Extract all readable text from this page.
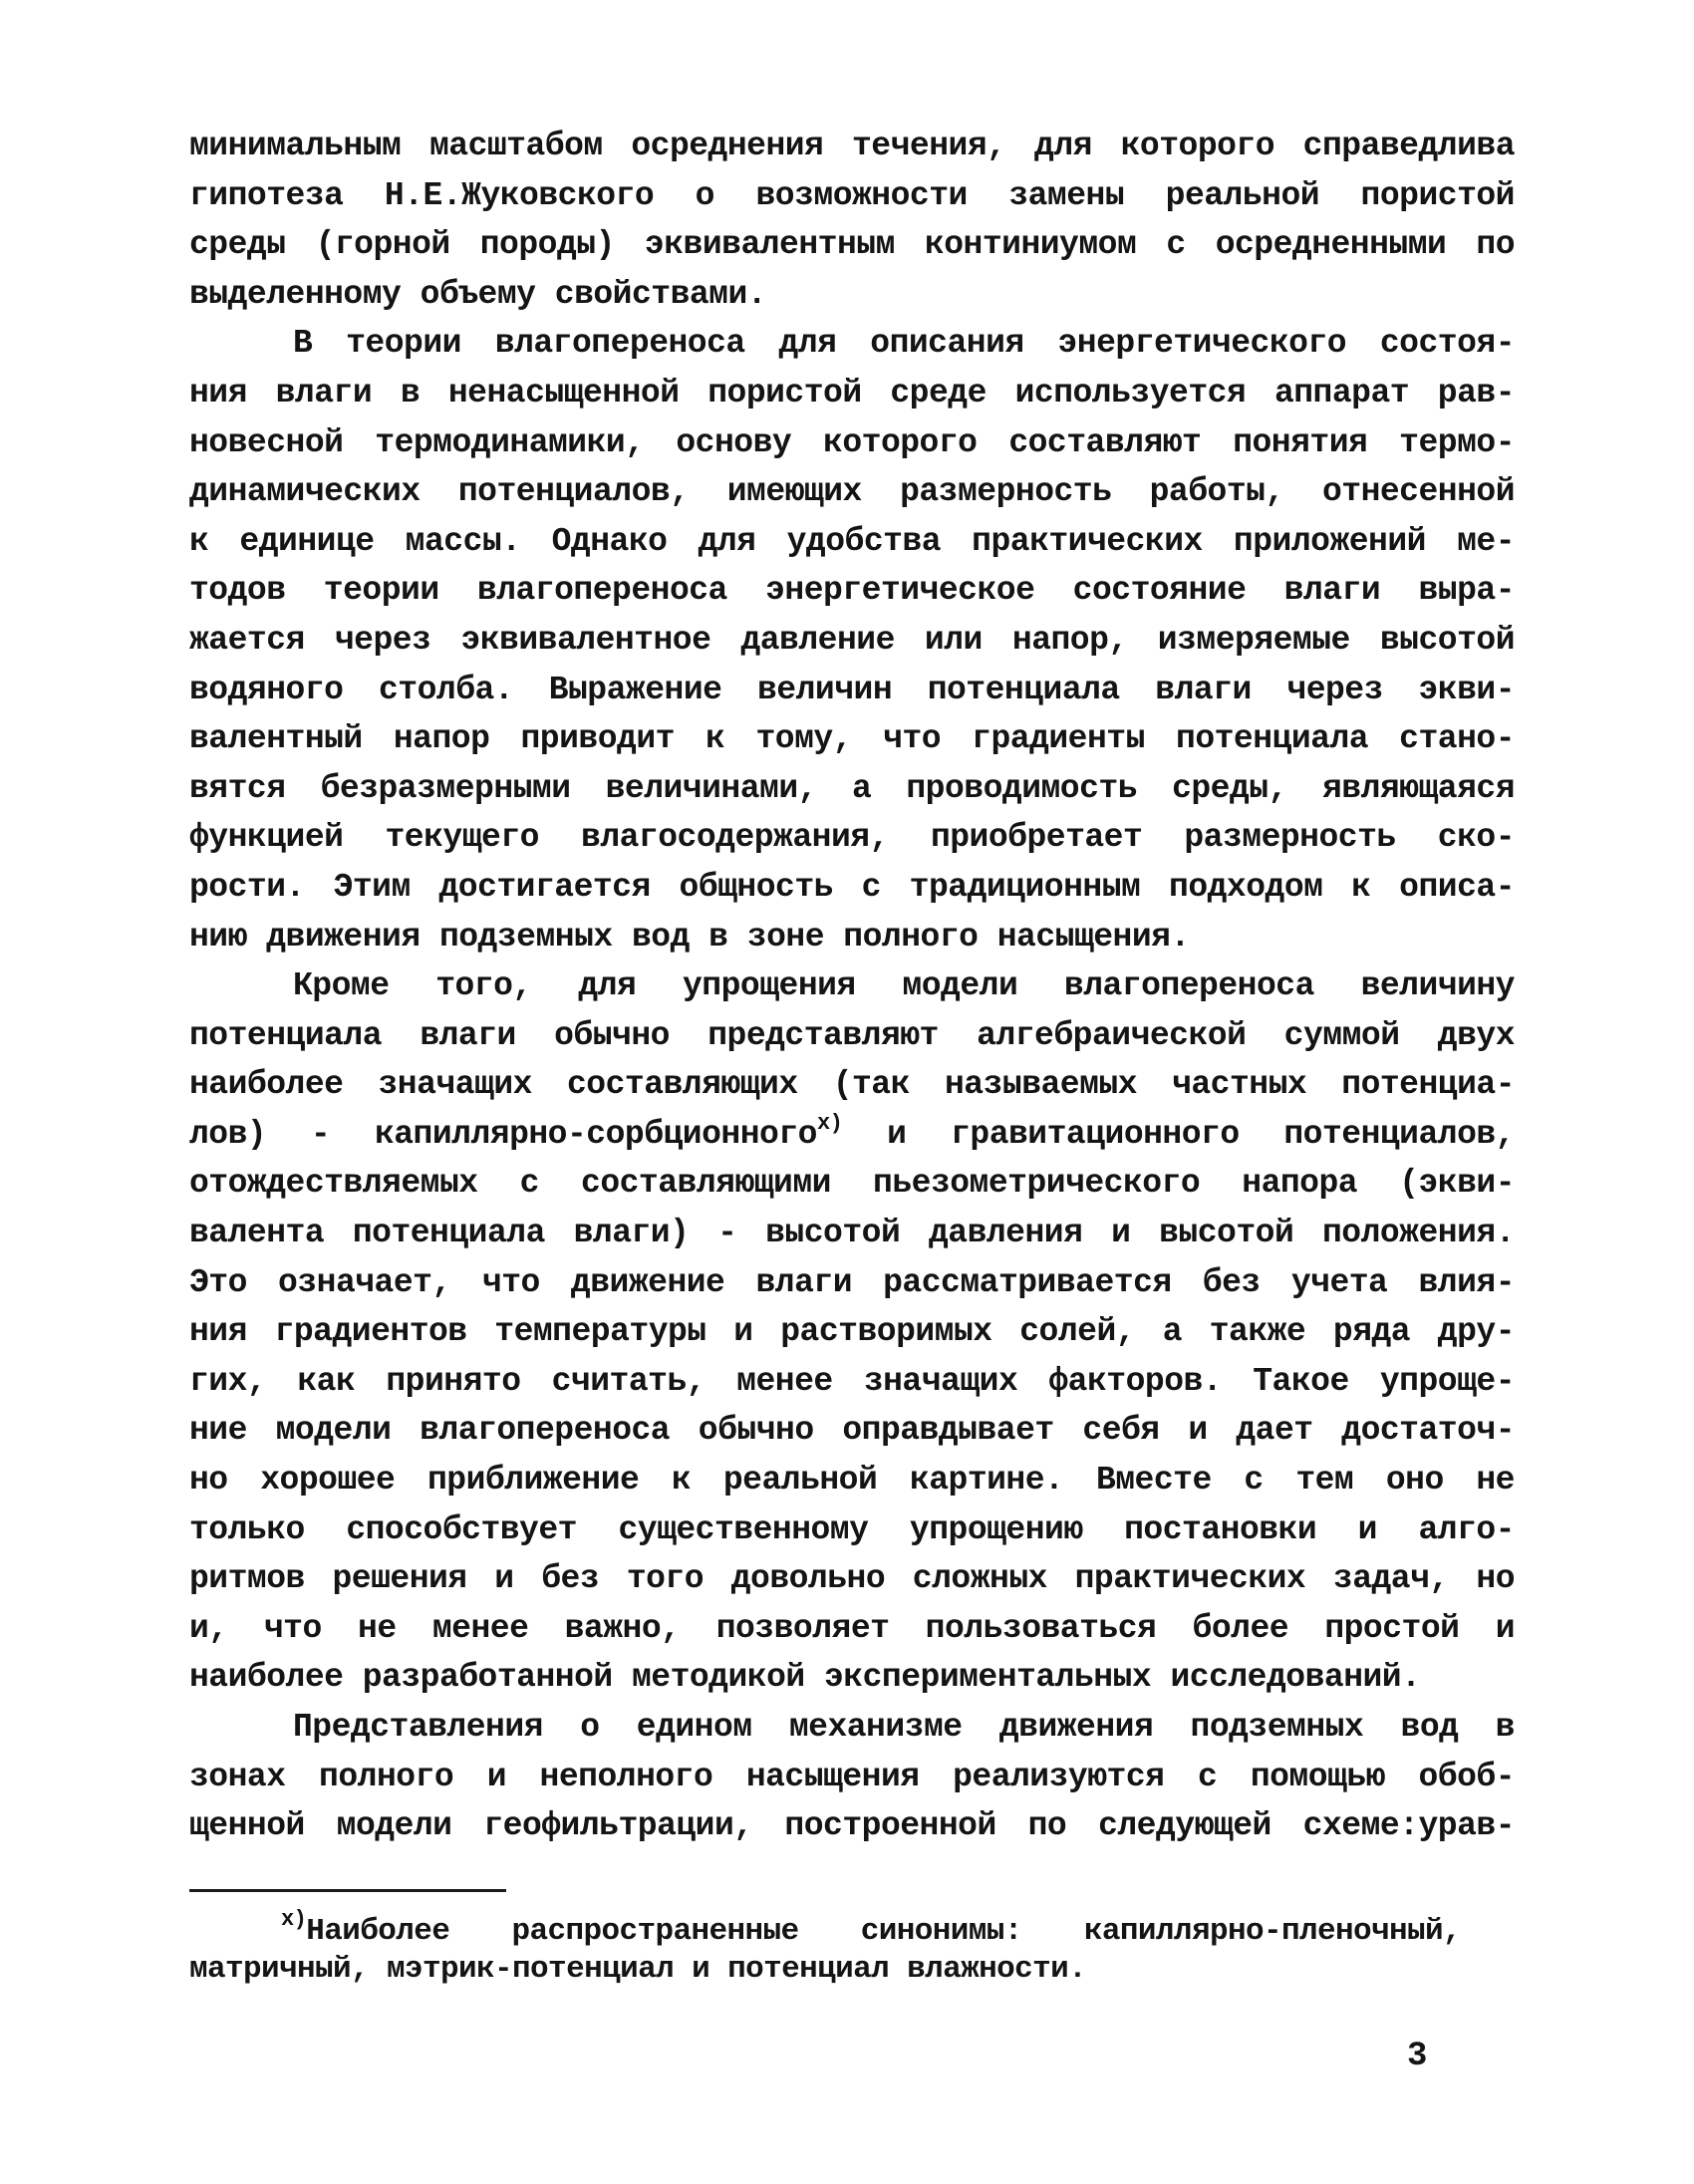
минимальным масштабом осреднения течения, для которого справедлива
гипотеза Н.Е.Жуковского о возможности замены реальной пористой
среды (горной породы) эквивалентным континиумом с осредненными по
выделенному объему свойствами.
В теории влагопереноса для описания энергетического состоя-
ния влаги в ненасыщенной пористой среде используется аппарат рав-
новесной термодинамики, основу которого составляют понятия термо-
динамических потенциалов, имеющих размерность работы, отнесенной
к единице массы. Однако для удобства практических приложений ме-
тодов теории влагопереноса энергетическое состояние влаги выра-
жается через эквивалентное давление или напор, измеряемые высотой
водяного столба. Выражение величин потенциала влаги через экви-
валентный напор приводит к тому, что градиенты потенциала стано-
вятся безразмерными величинами, а проводимость среды, являющаяся
функцией текущего влагосодержания, приобретает размерность ско-
рости. Этим достигается общность с традиционным подходом к описа-
нию движения подземных вод в зоне полного насыщения.
Кроме того, для упрощения модели влагопереноса величину
потенциала влаги обычно представляют алгебраической суммой двух
наиболее значащих составляющих (так называемых частных потенциа-
лов) - капиллярно-сорбционного$^{x)}$ и гравитационного потенциалов,
отождествляемых с составляющими пьезометрического напора (экви-
валента потенциала влаги) - высотой давления и высотой положения.
Это означает, что движение влаги рассматривается без учета влия-
ния градиентов температуры и растворимых солей, а также ряда дру-
гих, как принято считать, менее значащих факторов. Такое упроще-
ние модели влагопереноса обычно оправдывает себя и дает достаточ-
но хорошее приближение к реальной картине. Вместе с тем оно не
только способствует существенному упрощению постановки и алго-
ритмов решения и без того довольно сложных практических задач, но
и, что не менее важно, позволяет пользоваться более простой и
наиболее разработанной методикой экспериментальных исследований.
Представления о едином механизме движения подземных вод в
зонах полного и неполного насыщения реализуются с помощью обоб-
щенной модели геофильтрации, построенной по следующей схеме:урав-
$^{x)}$Наиболее распространенные синонимы: капиллярно-пленочный,
матричный, мэтрик-потенциал и потенциал влажности.
3
